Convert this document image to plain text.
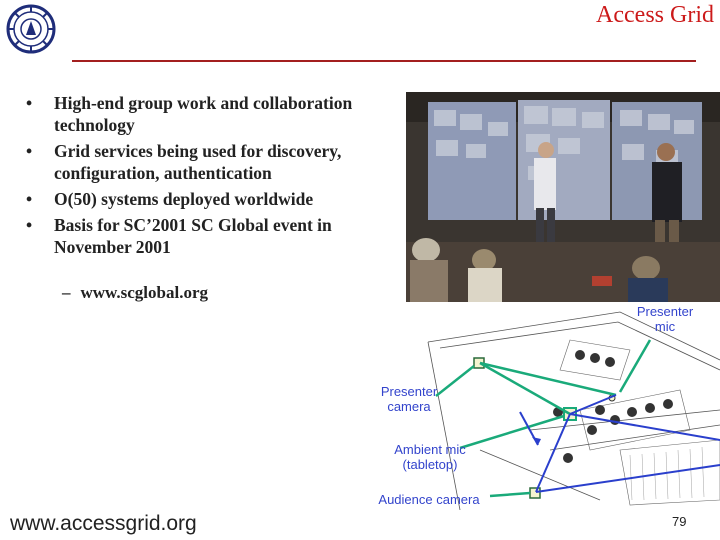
Access Grid
• High-end group work and collaboration technology
• Grid services being used for discovery, configuration, authentication
• O(50) systems deployed worldwide
• Basis for SC’2001 SC Global event in November 2001
– www.scglobal.org
Presenter mic
Presenter camera
Ambient mic (tabletop)
Audience camera
www.accessgrid.org	79
